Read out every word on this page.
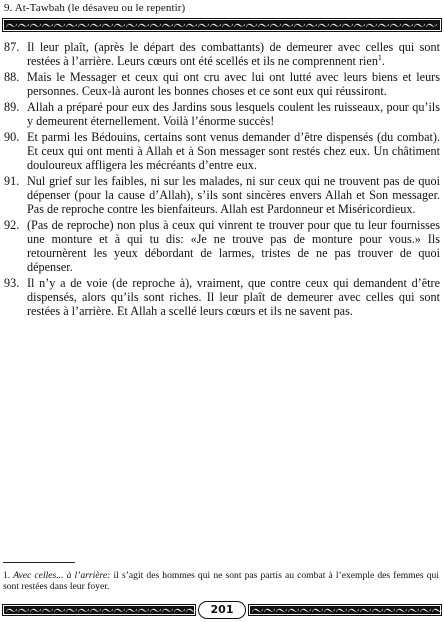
9. At-Tawbah (le désaveu ou le repentir)
87. Il leur plaît, (après le départ des combattants) de demeurer avec celles qui sont restées à l’arrière. Leurs cœurs ont été scellés et ils ne comprennent rien$^1$.
88. Mais le Messager et ceux qui ont cru avec lui ont lutté avec leurs biens et leurs personnes. Ceux-là auront les bonnes choses et ce sont eux qui réussiront.
89. Allah a préparé pour eux des Jardins sous lesquels coulent les ruisseaux, pour qu’ils y demeurent éternellement. Voilà l’énorme succès!
90. Et parmi les Bédouins, certains sont venus demander d’être dispensés (du combat). Et ceux qui ont menti à Allah et à Son messager sont restés chez eux. Un châtiment douloureux affligera les mécréants d’entre eux.
91. Nul grief sur les faibles, ni sur les malades, ni sur ceux qui ne trouvent pas de quoi dépenser (pour la cause d’Allah), s’ils sont sincères envers Allah et Son messager. Pas de reproche contre les bienfaiteurs. Allah est Pardonneur et Miséricordieux.
92. (Pas de reproche) non plus à ceux qui vinrent te trouver pour que tu leur fournisses une monture et à qui tu dis: «Je ne trouve pas de monture pour vous.» Ils retournèrent les yeux débordant de larmes, tristes de ne pas trouver de quoi dépenser.
93. Il n’y a de voie (de reproche à), vraiment, que contre ceux qui demandent d’être dispensés, alors qu’ils sont riches. Il leur plaît de demeurer avec celles qui sont restées à l’arrière. Et Allah a scellé leurs cœurs et ils ne savent pas.
1. Avec celles... à l’arrière: il s’agit des hommes qui ne sont pas partis au combat à l’exemple des femmes qui sont restées dans leur foyer.
201
